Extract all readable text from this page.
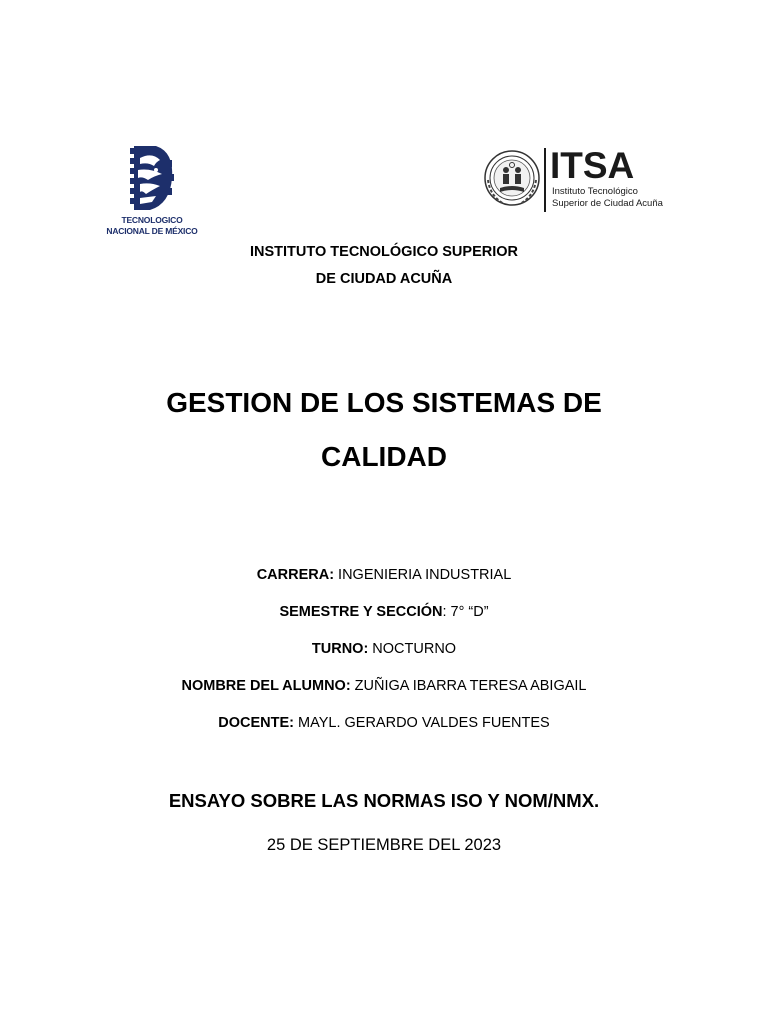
TECNOLOGICO
NACIONAL DE MÉXICO
ITSA
Instituto Tecnológico
Superior de Ciudad Acuña
INSTITUTO TECNOLÓGICO SUPERIOR
DE CIUDAD ACUÑA
GESTION DE LOS SISTEMAS DE
CALIDAD
CARRERA: INGENIERIA INDUSTRIAL
SEMESTRE Y SECCIÓN: 7° “D”
TURNO: NOCTURNO
NOMBRE DEL ALUMNO: ZUÑIGA IBARRA TERESA ABIGAIL
DOCENTE: MAYL. GERARDO VALDES FUENTES
ENSAYO SOBRE LAS NORMAS ISO Y NOM/NMX.
25 DE SEPTIEMBRE DEL 2023
